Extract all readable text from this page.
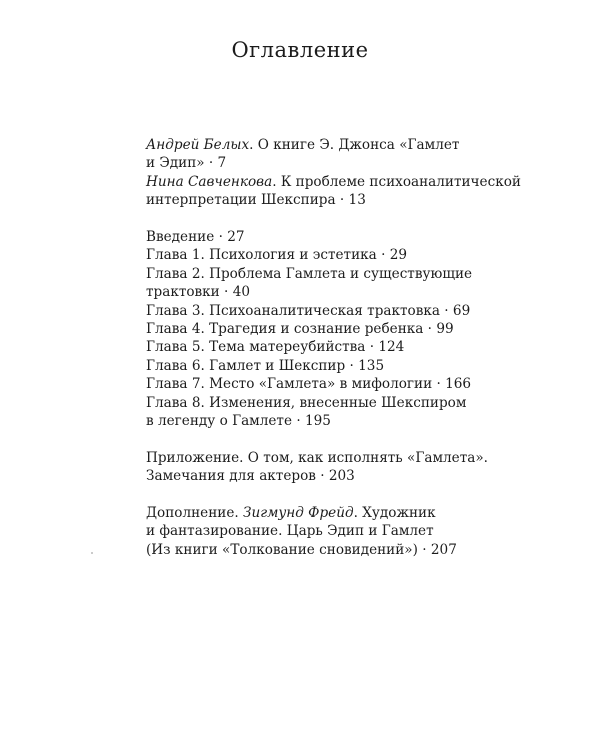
Оглавление
Андрей Белых. О книге Э. Джонса «Гамлет
и Эдип» · 7
Нина Савченкова. К проблеме психоаналитической
интерпретации Шекспира · 13
Введение · 27
Глава 1. Психология и эстетика · 29
Глава 2. Проблема Гамлета и существующие
трактовки · 40
Глава 3. Психоаналитическая трактовка · 69
Глава 4. Трагедия и сознание ребенка · 99
Глава 5. Тема матереубийства · 124
Глава 6. Гамлет и Шекспир · 135
Глава 7. Место «Гамлета» в мифологии · 166
Глава 8. Изменения, внесенные Шекспиром
в легенду о Гамлете · 195
Приложение. О том, как исполнять «Гамлета».
Замечания для актеров · 203
Дополнение. Зигмунд Фрейд. Художник
и фантазирование. Царь Эдип и Гамлет
(Из книги «Толкование сновидений») · 207
